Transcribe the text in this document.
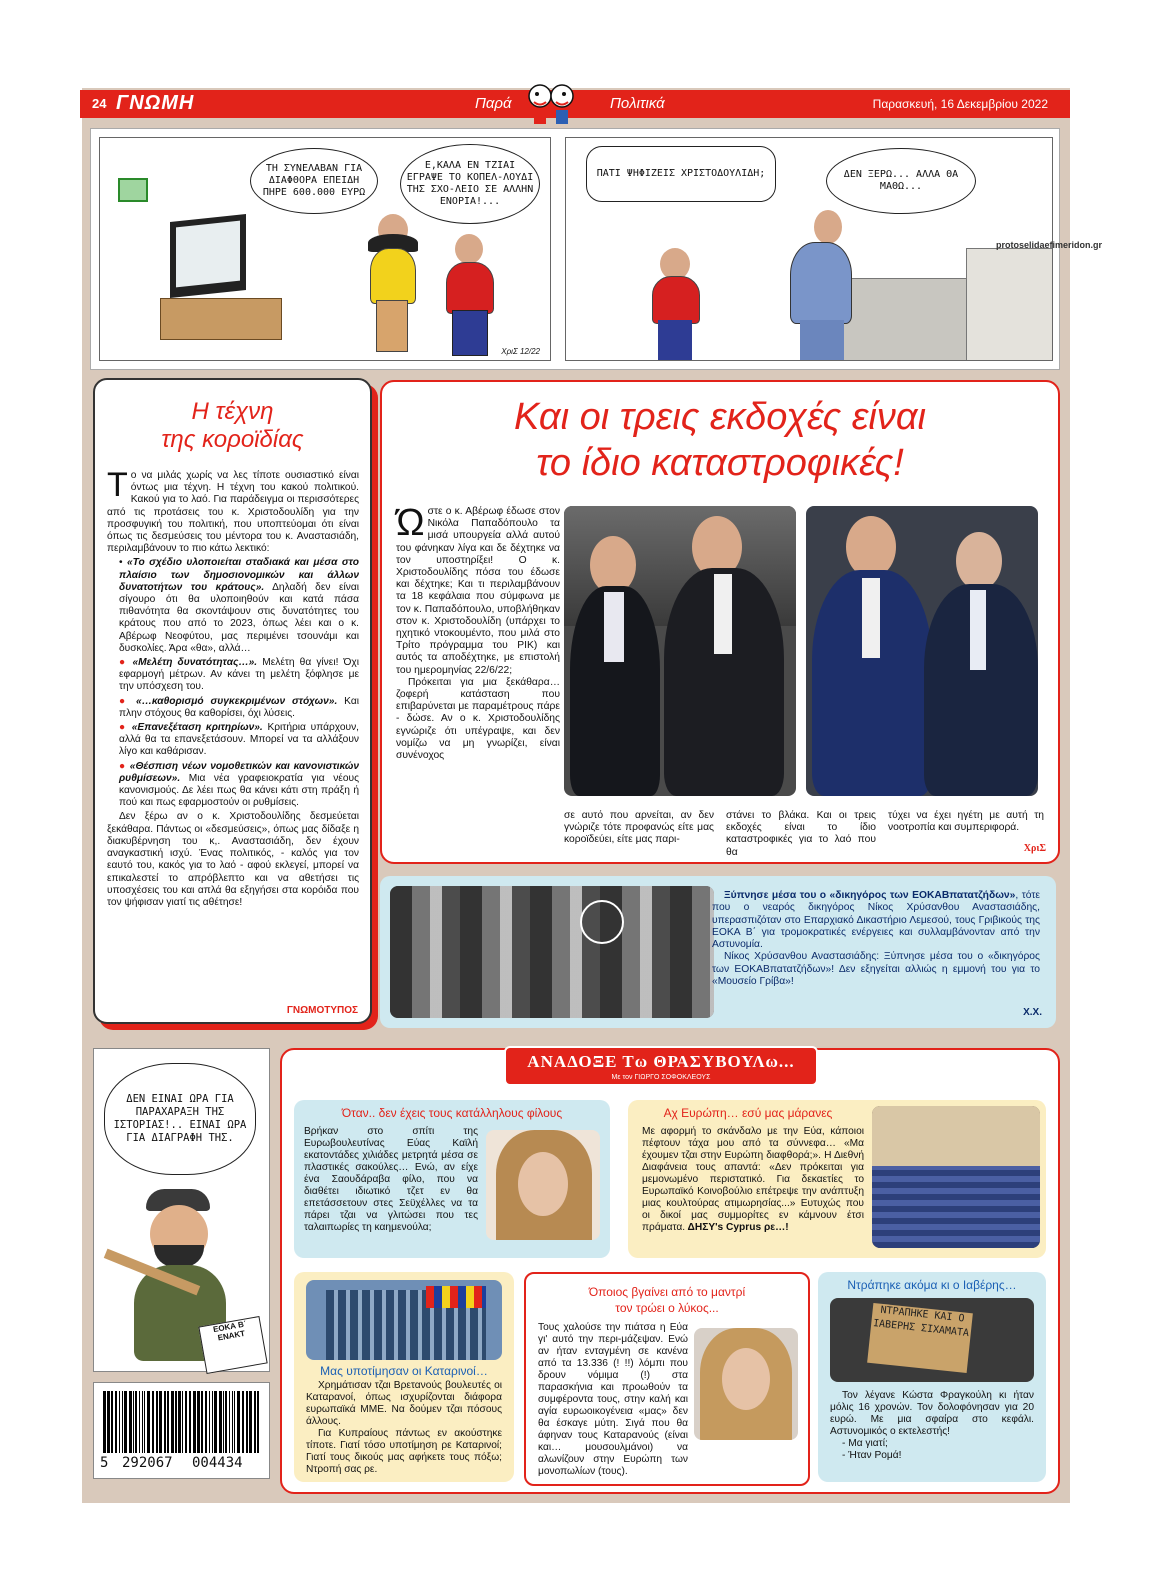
24 ΓΝΩΜΗ	Παρά	Πολιτικά	Παρασκευή, 16 Δεκεμβρίου 2022
ΤΗ ΣΥΝΕΛΑΒΑΝ ΓΙΑ ΔΙΑΦΘΟΡΑ ΕΠΕΙΔΗ ΠΗΡΕ 600.000 ΕΥΡΩ
Ε,ΚΑΛΑ ΕΝ ΤΖΙΑΙ ΕΓΡΑΨΕ ΤΟ ΚΟΠΕΛ-ΛΟΥΔΙ ΤΗΣ ΣΧΟ-ΛΕΙΟ ΣΕ ΑΛΛΗΝ ΕΝΟΡΙΑ!...
ΧριΣ 12/22
ΠΑΤΙ ΨΗΦΙΖΕΙΣ ΧΡΙΣΤΟΔΟΥΛΙΔΗ;	ΔΕΝ ΞΕΡΩ... ΑΛΛΑ ΘΑ ΜΑΘΩ...
protoselidaefimeridon.gr
Η τέχνη
της κοροϊδίας

Το να μιλάς χωρίς να λες τίποτε ουσιαστικό είναι όντως μια τέχνη. Η τέχνη του κακού πολιτικού. Κακού για το λαό. Για παράδειγμα οι περισσότερες από τις προτάσεις του κ. Χριστοδουλίδη για την προσφυγική του πολιτική, που υποπτεύομαι ότι είναι όπως τις δεσμεύσεις του μέντορα του κ. Αναστασιάδη, περιλαμβάνουν το πιο κάτω λεκτικό:

• «Το σχέδιο υλοποιείται σταδιακά και μέσα στο πλαίσιο των δημοσιονομικών και άλλων δυνατοτήτων του κράτους». Δηλαδή δεν είναι σίγουρο ότι θα υλοποιηθούν και κατά πάσα πιθανότητα θα σκοντάψουν στις δυνατότητες του κράτους που από το 2023, όπως λέει και ο κ. Αβέρωφ Νεοφύτου, μας περιμένει τσουνάμι και δυσκολίες. Άρα «θα», αλλά…

● «Μελέτη δυνατότητας…». Μελέτη θα γίνει! Όχι εφαρμογή μέτρων. Αν κάνει τη μελέτη ξόφλησε με την υπόσχεση του.

● «…καθορισμό συγκεκριμένων στόχων». Και πλην στόχους θα καθορίσει, όχι λύσεις.

● «Επανεξέταση κριτηρίων». Κριτήρια υπάρχουν, αλλά θα τα επανεξετάσουν. Μπορεί να τα αλλάξουν λίγο και καθάρισαν.

● «Θέσπιση νέων νομοθετικών και κανονιστικών ρυθμίσεων». Μια νέα γραφειοκρατία για νέους κανονισμούς. Δε λέει πως θα κάνει κάτι στη πράξη ή πού και πως εφαρμοστούν οι ρυθμίσεις.

Δεν ξέρω αν ο κ. Χριστοδουλίδης δεσμεύεται ξεκάθαρα. Πάντως οι «δεσμεύσεις», όπως μας δίδαξε η διακυβέρνηση του κ,. Αναστασιάδη, δεν έχουν αναγκαστική ισχύ. Ένας πολιτικός, - καλός για τον εαυτό του, κακός για το λαό - αφού εκλεγεί, μπορεί να επικαλεστεί το απρόβλεπτο και να αθετήσει τις υποσχέσεις του και απλά θα εξηγήσει στα κορόιδα που τον ψήφισαν γιατί τις αθέτησε!

ΓΝΩΜΟΤΥΠΟΣ
Και οι τρεις εκδοχές είναι
το ίδιο καταστροφικές!
Ώστε ο κ. Αβέρωφ έδωσε στον Νικόλα Παπαδόπουλο τα μισά υπουργεία αλλά αυτού του φάνηκαν λίγα και δε δέχτηκε να τον υποστηρίξει! Ο κ. Χριστοδουλίδης πόσα του έδωσε και δέχτηκε; Και τι περιλαμβάνουν τα 18 κεφάλαια που σύμφωνα με τον κ. Παπαδόπουλο, υποβλήθηκαν στον κ. Χριστοδουλίδη (υπάρχει το ηχητικό ντοκουμέντο, που μιλά στο Τρίτο πρόγραμμα του ΡΙΚ) και αυτός τα αποδέχτηκε, με επιστολή του ημερομηνίας 22/6/22;
Πρόκειται για μια ξεκάθαρα… ζοφερή κατάσταση που επιβαρύνεται με παραμέτρους πάρε - δώσε. Αν ο κ. Χριστοδουλίδης εγνώριζε ότι υπέγραψε, και δεν νομίζω να μη γνωρίζει, είναι συνένοχος
σε αυτό που αρνείται, αν δεν γνώριζε τότε προφανώς είτε μας κοροϊδεύει, είτε μας παρι-
στάνει το βλάκα. Και οι τρεις εκδοχές είναι το ίδιο καταστροφικές για το λαό που θα
τύχει να έχει ηγέτη με αυτή τη νοοτροπία και συμπεριφορά.
ΧριΣ
Ξύπνησε μέσα του ο «δικηγόρος των ΕΟΚΑΒπατατζήδων», τότε που ο νεαρός δικηγόρος Νίκος Χρύσανθου Αναστασιάδης, υπερασπιζόταν στο Επαρχιακό Δικαστήριο Λεμεσού, τους Γριβικούς της ΕΟΚΑ Β΄ για τρομοκρατικές ενέργειες και συλλαμβάνονταν από την Αστυνομία.
Νίκος Χρύσανθου Αναστασιάδης: Ξύπνησε μέσα του ο «δικηγόρος των ΕΟΚΑΒπατατζήδων»! Δεν εξηγείται αλλιώς η εμμονή του για το «Μουσείο Γρίβα»!
Χ.Χ.
ΔΕΝ ΕΙΝΑΙ ΩΡΑ ΓΙΑ ΠΑΡΑΧΑΡΑΞΗ ΤΗΣ ΙΣΤΟΡΙΑΣ!.. ΕΙΝΑΙ ΩΡΑ ΓΙΑ ΔΙΑΓΡΑΦΗ ΤΗΣ.
ΕΟΚΑ Β΄ ΕΝΑΚΤ
5 292067 004434
ΑΝΑΔΟΞΕ Τω ΘΡΑΣΥΒΟΥΛω...
Με τον ΓΙΩΡΓΟ ΣΟΦΟΚΛΕΟΥΣ
Όταν.. δεν έχεις τους κατάλληλους φίλους
Βρήκαν στο σπίτι της Ευρωβουλευτίνας Εύας Καϊλή εκατοντάδες χιλιάδες μετρητά μέσα σε πλαστικές σακούλες… Ενώ, αν είχε ένα Σαουδάραβα φίλο, που να διαθέτει ιδιωτικό τζετ εν θα επετάσσετουν στες Σεϋχέλλες να τα πάρει τζαι να γλιτώσει που τες ταλαιπωρίες τη καημενούλα;
Αχ Ευρώπη… εσύ μας μάρανες
Με αφορμή το σκάνδαλο με την Εύα, κάποιοι πέφτουν τάχα μου από τα σύννεφα… «Μα έχουμεν τζαι στην Ευρώπη διαφθορά;». Η Διεθνή Διαφάνεια τους απαντά: «Δεν πρόκειται για μεμονωμένο περιστατικό. Για δεκαετίες το Ευρωπαϊκό Κοινοβούλιο επέτρεψε την ανάπτυξη μιας κουλτούρας ατιμωρησίας...» Ευτυχώς που οι δικοί μας συμμορίτες εν κάμνουν έτσι πράματα. ΔΗΣΥ's Cyprus ρε…!
Μας υποτίμησαν οι Καταρινοί…
Χρημάτισαν τζαι Βρετανούς βουλευτές οι Καταρανοί, όπως ισχυρίζονται διάφορα ευρωπαϊκά ΜΜΕ. Να δούμεν τζαι πόσους άλλους.
Για Κυπραίους πάντως εν ακούστηκε τίποτε. Γιατί τόσο υποτίμηση ρε Καταρινοί; Γιατί τους δικούς μας αφήκετε τους πόξω; Ντροπή σας ρε.
Όποιος βγαίνει από το μαντρί
τον τρώει ο λύκος...
Τους χαλούσε την πιάτσα η Εύα γι' αυτό την περι-μάζεψαν. Ενώ αν ήταν ενταγμένη σε κανένα από τα 13.336 (! !!) λόμπι που δρουν νόμιμα (!) στα παρασκήνια και προωθούν τα συμφέροντα τους, στην καλή και αγία ευρωοικογένεια «μας» δεν θα έσκαγε μύτη. Σιγά που θα άφηναν τους Καταρανούς (είναι και… μουσουλμάνοι) να αλωνίζουν στην Ευρώπη των μονοπωλίων (τους).
Ντράπηκε ακόμα κι ο Ιαβέρης…
ΝΤΡΑΠΗΚΕ ΚΑΙ Ο ΙΑΒΕΡΗΣ ΣΙΧΑΜΑΤΑ
Τον λέγανε Κώστα Φραγκούλη κι ήταν μόλις 16 χρονών. Τον δολοφόνησαν για 20 ευρώ. Με μια σφαίρα στο κεφάλι. Αστυνομικός ο εκτελεστής!
- Μα γιατί;
- Ήταν Ρομά!
